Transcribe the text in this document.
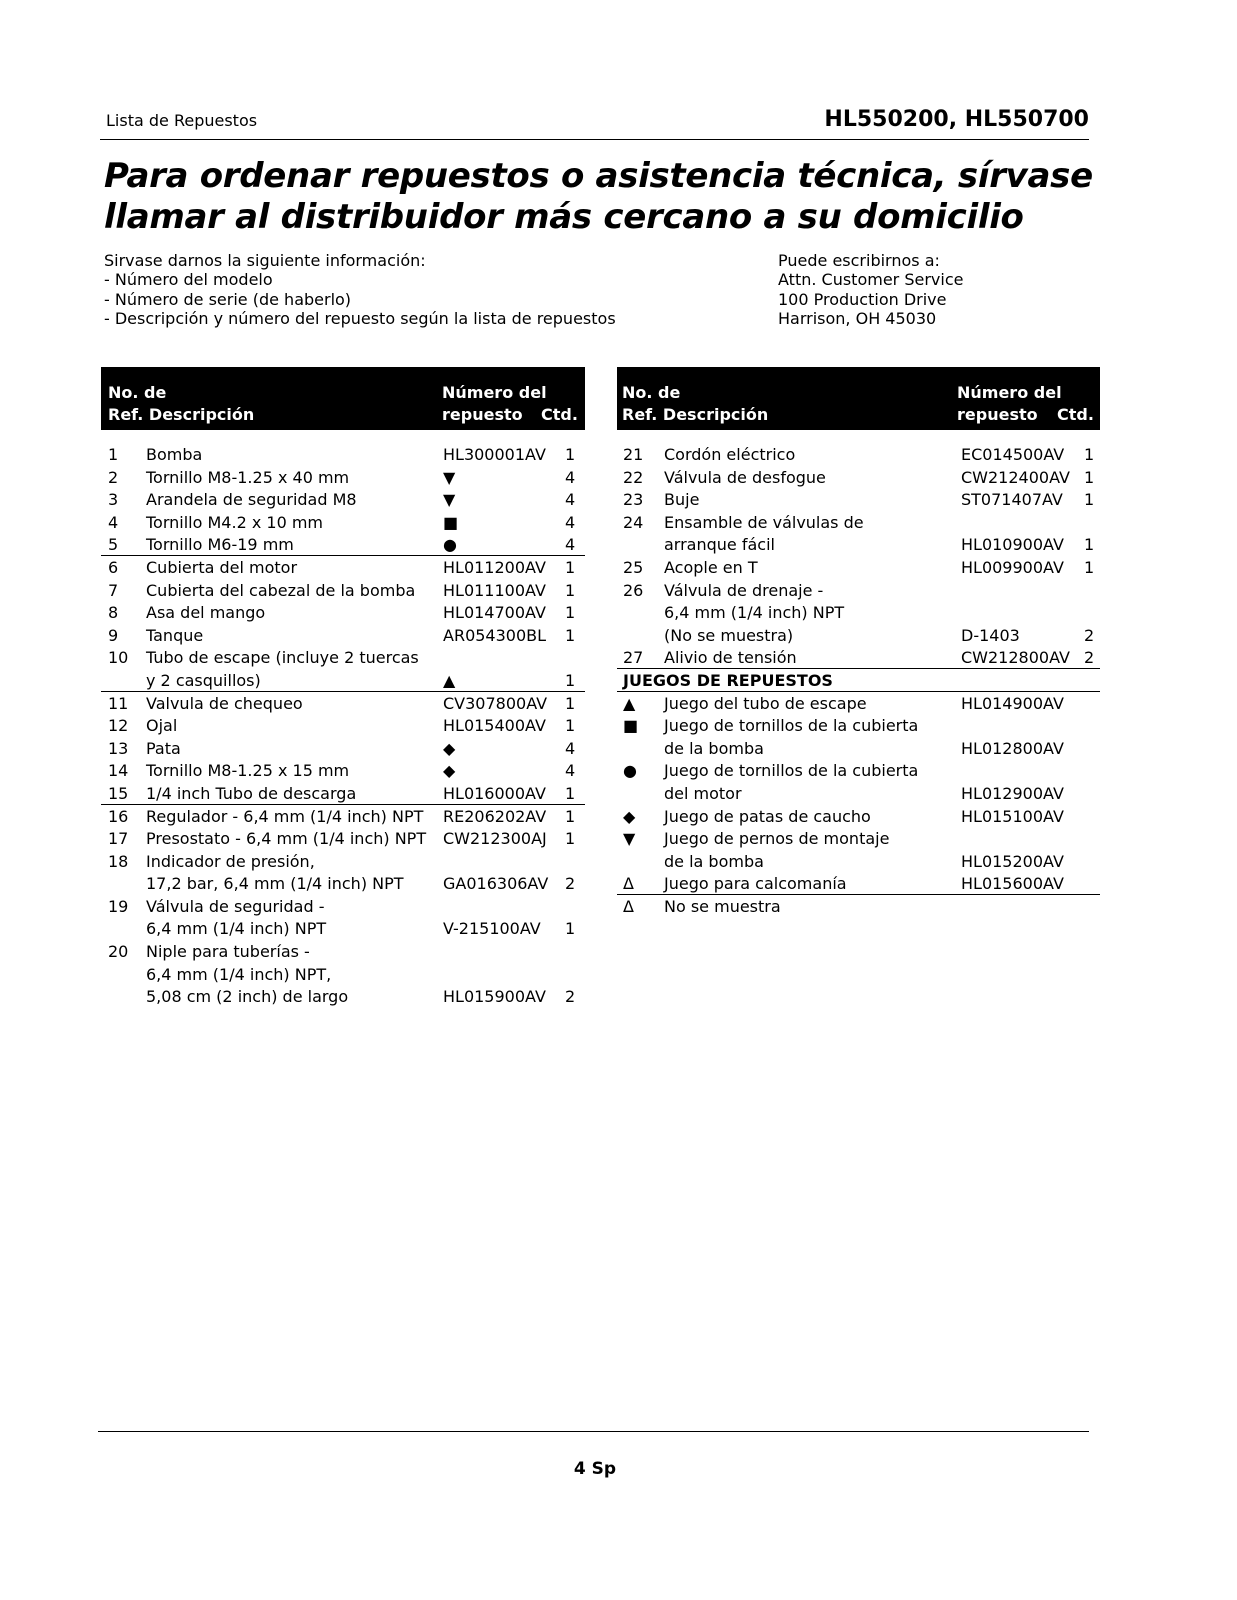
Lista de Repuestos	HL550200, HL550700
Para ordenar repuestos o asistencia técnica, sírvase
llamar al distribuidor más cercano a su domicilio
Sirvase darnos la siguiente información:
- Número del modelo
- Número de serie (de haberlo)
- Descripción y número del repuesto según la lista de repuestos
Puede escribirnos a:
Attn. Customer Service
100 Production Drive
Harrison, OH 45030
No. de
Ref. Descripción
Número del
repuesto Ctd.
1 Bomba	HL300001AV 1
2 Tornillo M8-1.25 x 40 mm	▼	4
3 Arandela de seguridad M8	▼	4
4 Tornillo M4.2 x 10 mm	■	4
5 Tornillo M6-19 mm	●	4
6 Cubierta del motor	HL011200AV 1
7 Cubierta del cabezal de la bomba HL011100AV 1
8 Asa del mango	HL014700AV 1
9 Tanque	AR054300BL 1
10 Tubo de escape (incluye 2 tuercas
y 2 casquillos)	▲	1
11 Valvula de chequeo	CV307800AV 1
12 Ojal	HL015400AV 1
13 Pata	◆	4
14 Tornillo M8-1.25 x 15 mm	◆	4
15 1/4 inch Tubo de descarga	HL016000AV 1
16 Regulador - 6,4 mm (1/4 inch) NPT RE206202AV 1
17 Presostato - 6,4 mm (1/4 inch) NPT CW212300AJ 1
18 Indicador de presión,
17,2 bar, 6,4 mm (1/4 inch) NPT GA016306AV 2
19 Válvula de seguridad -
6,4 mm (1/4 inch) NPT	V-215100AV 1
20 Niple para tuberías -
6,4 mm (1/4 inch) NPT,
5,08 cm (2 inch) de largo	HL015900AV 2
No. de
Ref. Descripción
Número del
repuesto Ctd.
21 Cordón eléctrico	EC014500AV 1
22 Válvula de desfogue	CW212400AV 1
23 Buje	ST071407AV 1
24 Ensamble de válvulas de
arranque fácil	HL010900AV 1
25 Acople en T	HL009900AV 1
26 Válvula de drenaje -
6,4 mm (1/4 inch) NPT
(No se muestra)	D-1403	2
27 Alivio de tensión	CW212800AV 2
JUEGOS DE REPUESTOS
▲ Juego del tubo de escape	HL014900AV
■ Juego de tornillos de la cubierta
de la bomba	HL012800AV
● Juego de tornillos de la cubierta
del motor	HL012900AV
◆ Juego de patas de caucho	HL015100AV
▼ Juego de pernos de montaje
de la bomba	HL015200AV
Δ Juego para calcomanía	HL015600AV
Δ No se muestra
4 Sp
